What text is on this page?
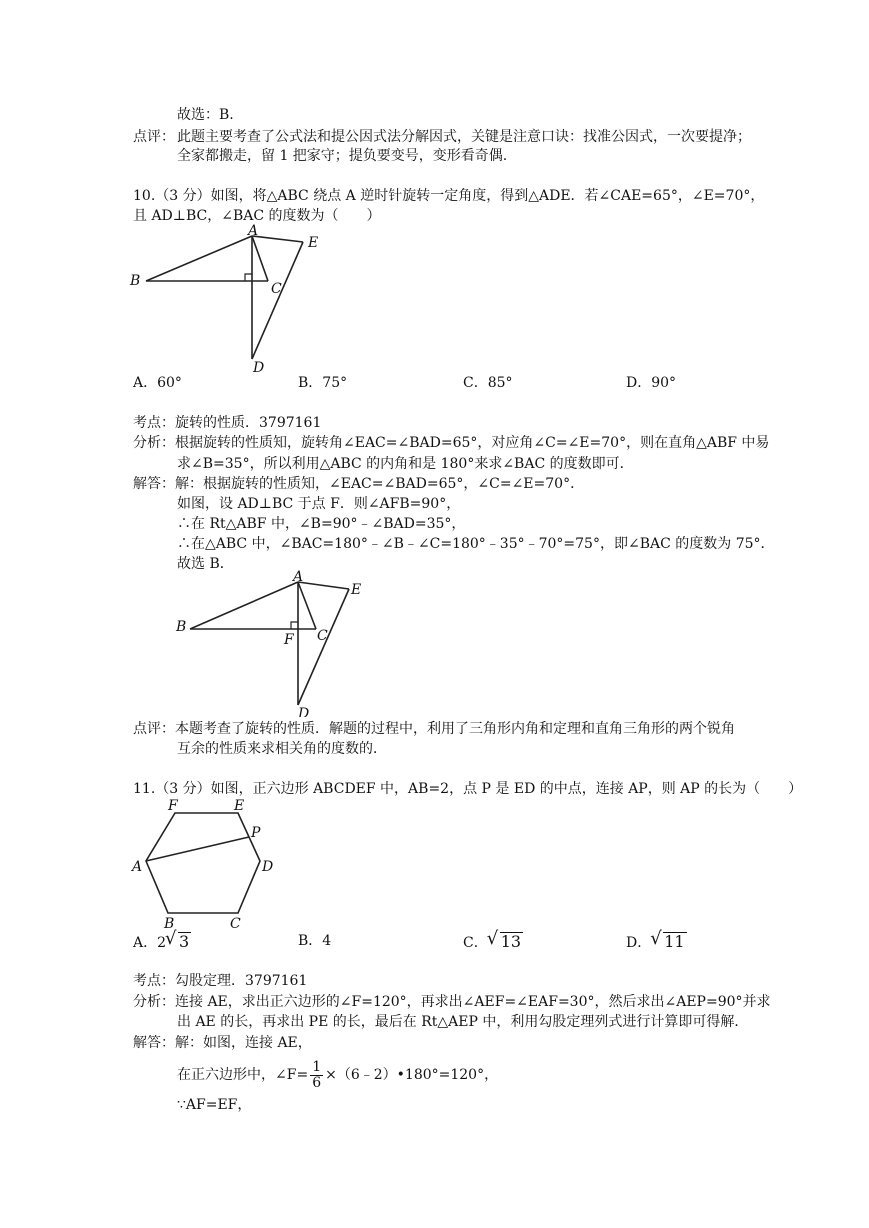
故选：B.
点评： 此题主要考查了公式法和提公因式法分解因式，关键是注意口诀：找准公因式，一次要提净；
全家都搬走，留 1 把家守；提负要变号，变形看奇偶.
10.（3 分）如图，将△ABC 绕点 A 逆时针旋转一定角度，得到△ADE．若∠CAE=65°，∠E=70°，
且 AD⊥BC，∠BAC 的度数为（　　）
A
B	C
D
E
A．60°	B．75°	C．85°	D．90°
考点：旋转的性质．3797161
分析：根据旋转的性质知，旋转角∠EAC=∠BAD=65°，对应角∠C=∠E=70°，则在直角△ABF 中易
求∠B=35°，所以利用△ABC 的内角和是 180°来求∠BAC 的度数即可．
解答：解：根据旋转的性质知，∠EAC=∠BAD=65°，∠C=∠E=70°．
如图，设 AD⊥BC 于点 F．则∠AFB=90°，
∴在 Rt△ABF 中，∠B=90°﹣∠BAD=35°，
∴在△ABC 中，∠BAC=180°﹣∠B﹣∠C=180°﹣35°﹣70°=75°，即∠BAC 的度数为 75°．
故选 B．
A
B
C
D
E
F
点评：本题考查了旋转的性质．解题的过程中，利用了三角形内角和定理和直角三角形的两个锐角
互余的性质来求相关角的度数的．
11.（3 分）如图，正六边形 ABCDEF 中，AB=2，点 P 是 ED 的中点，连接 AP，则 AP 的长为（　　）
F	E
P
A	D
B	C
A．2 √ 3	B．4	C． √ 13	D． √ 11
考点：勾股定理．3797161
分析：连接 AE，求出正六边形的∠F=120°，再求出∠AEF=∠EAF=30°，然后求出∠AEP=90°并求
出 AE 的长，再求出 PE 的长，最后在 Rt△AEP 中，利用勾股定理列式进行计算即可得解．
解答：解：如图，连接 AE，
在正六边形中，∠F= $\frac{1}{6}$ ×（6﹣2）•180°=120°，
∵AF=EF，
